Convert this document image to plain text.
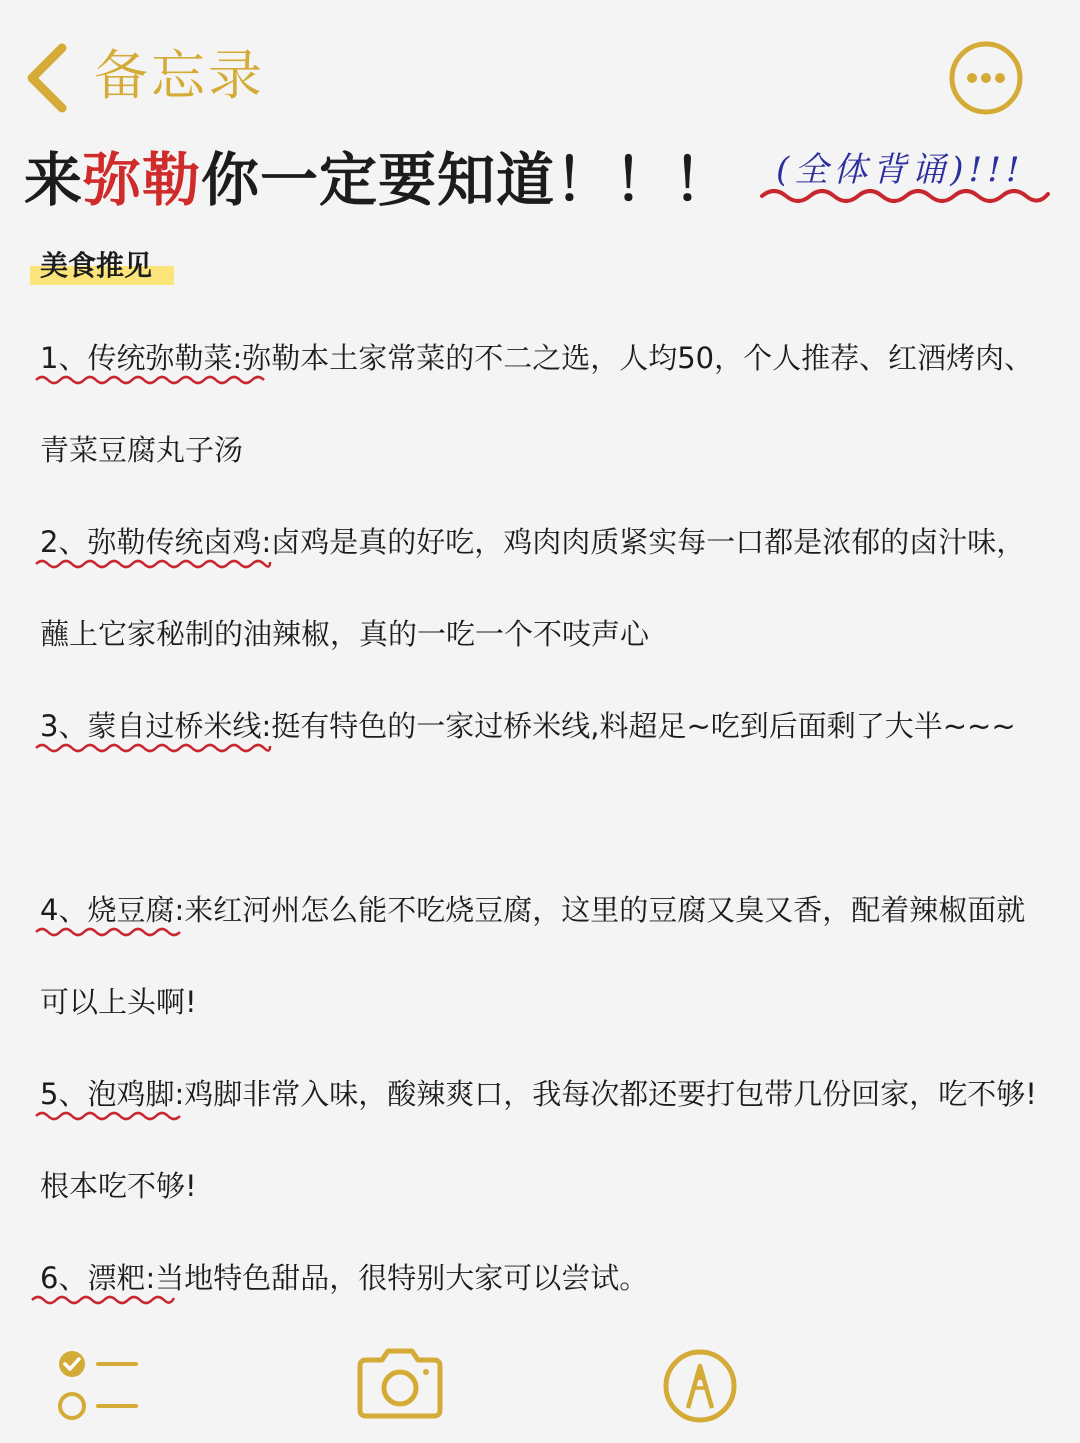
备忘录
来弥勒你一定要知道！！！ (全体背诵)!!!
美食推见
1、传统弥勒菜:
弥勒本土家常菜的不二之选，人均50，个人推荐、红酒烤肉、青菜豆腐丸子汤
2、弥勒传统卤鸡:
卤鸡是真的好吃，鸡肉肉质紧实每一口都是浓郁的卤汁味，蘸上它家秘制的油辣椒，真的一吃一个不吱声心
3、蒙自过桥米线:
挺有特色的一家过桥米线,料超足~吃到后面剩了大半~~~
4、烧豆腐:
来红河州怎么能不吃烧豆腐，这里的豆腐又臭又香，配着辣椒面就可以上头啊!
5、泡鸡脚:
鸡脚非常入味，酸辣爽口，我每次都还要打包带几份回家，吃不够!根本吃不够!
6、漂粑:
当地特色甜品，很特别大家可以尝试。
